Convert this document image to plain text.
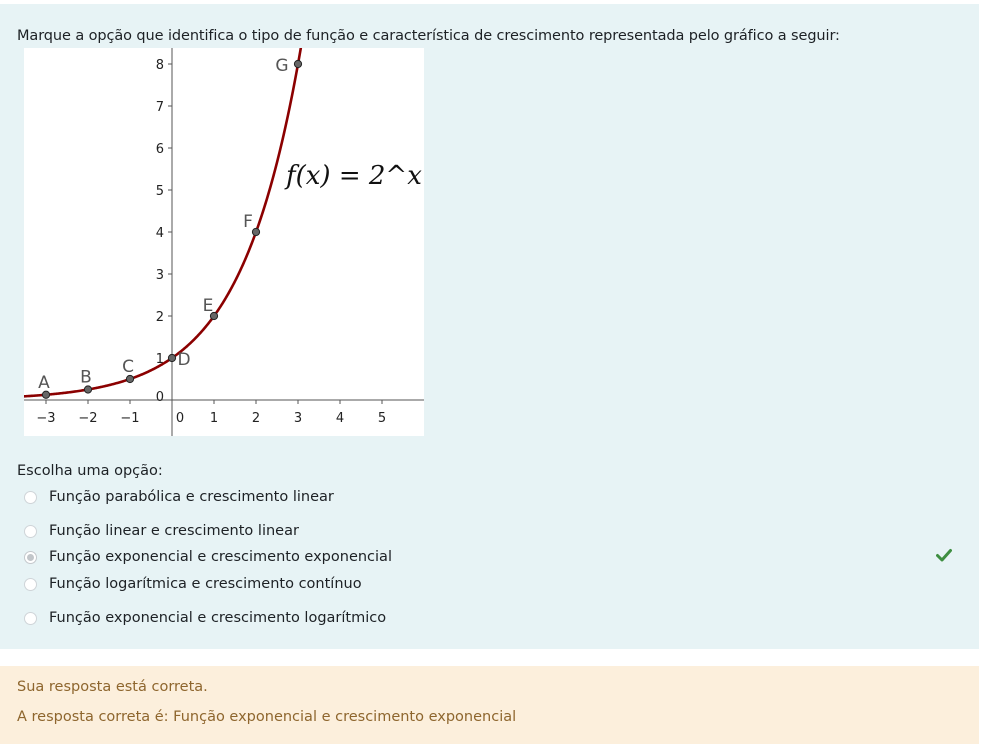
Marque a opção que identifica o tipo de função e característica de crescimento representada pelo gráfico a seguir:
−3 −2 −1	0 1	2	3	4	5
0
1
2
3
4
5
6
7
8
A B
C	D
E
F
G
f(x) = 2^x
Escolha uma opção:
Função parabólica e crescimento linear
Função linear e crescimento linear
Função exponencial e crescimento exponencial
Função logarítmica e crescimento contínuo
Função exponencial e crescimento logarítmico
Sua resposta está correta.
A resposta correta é: Função exponencial e crescimento exponencial
